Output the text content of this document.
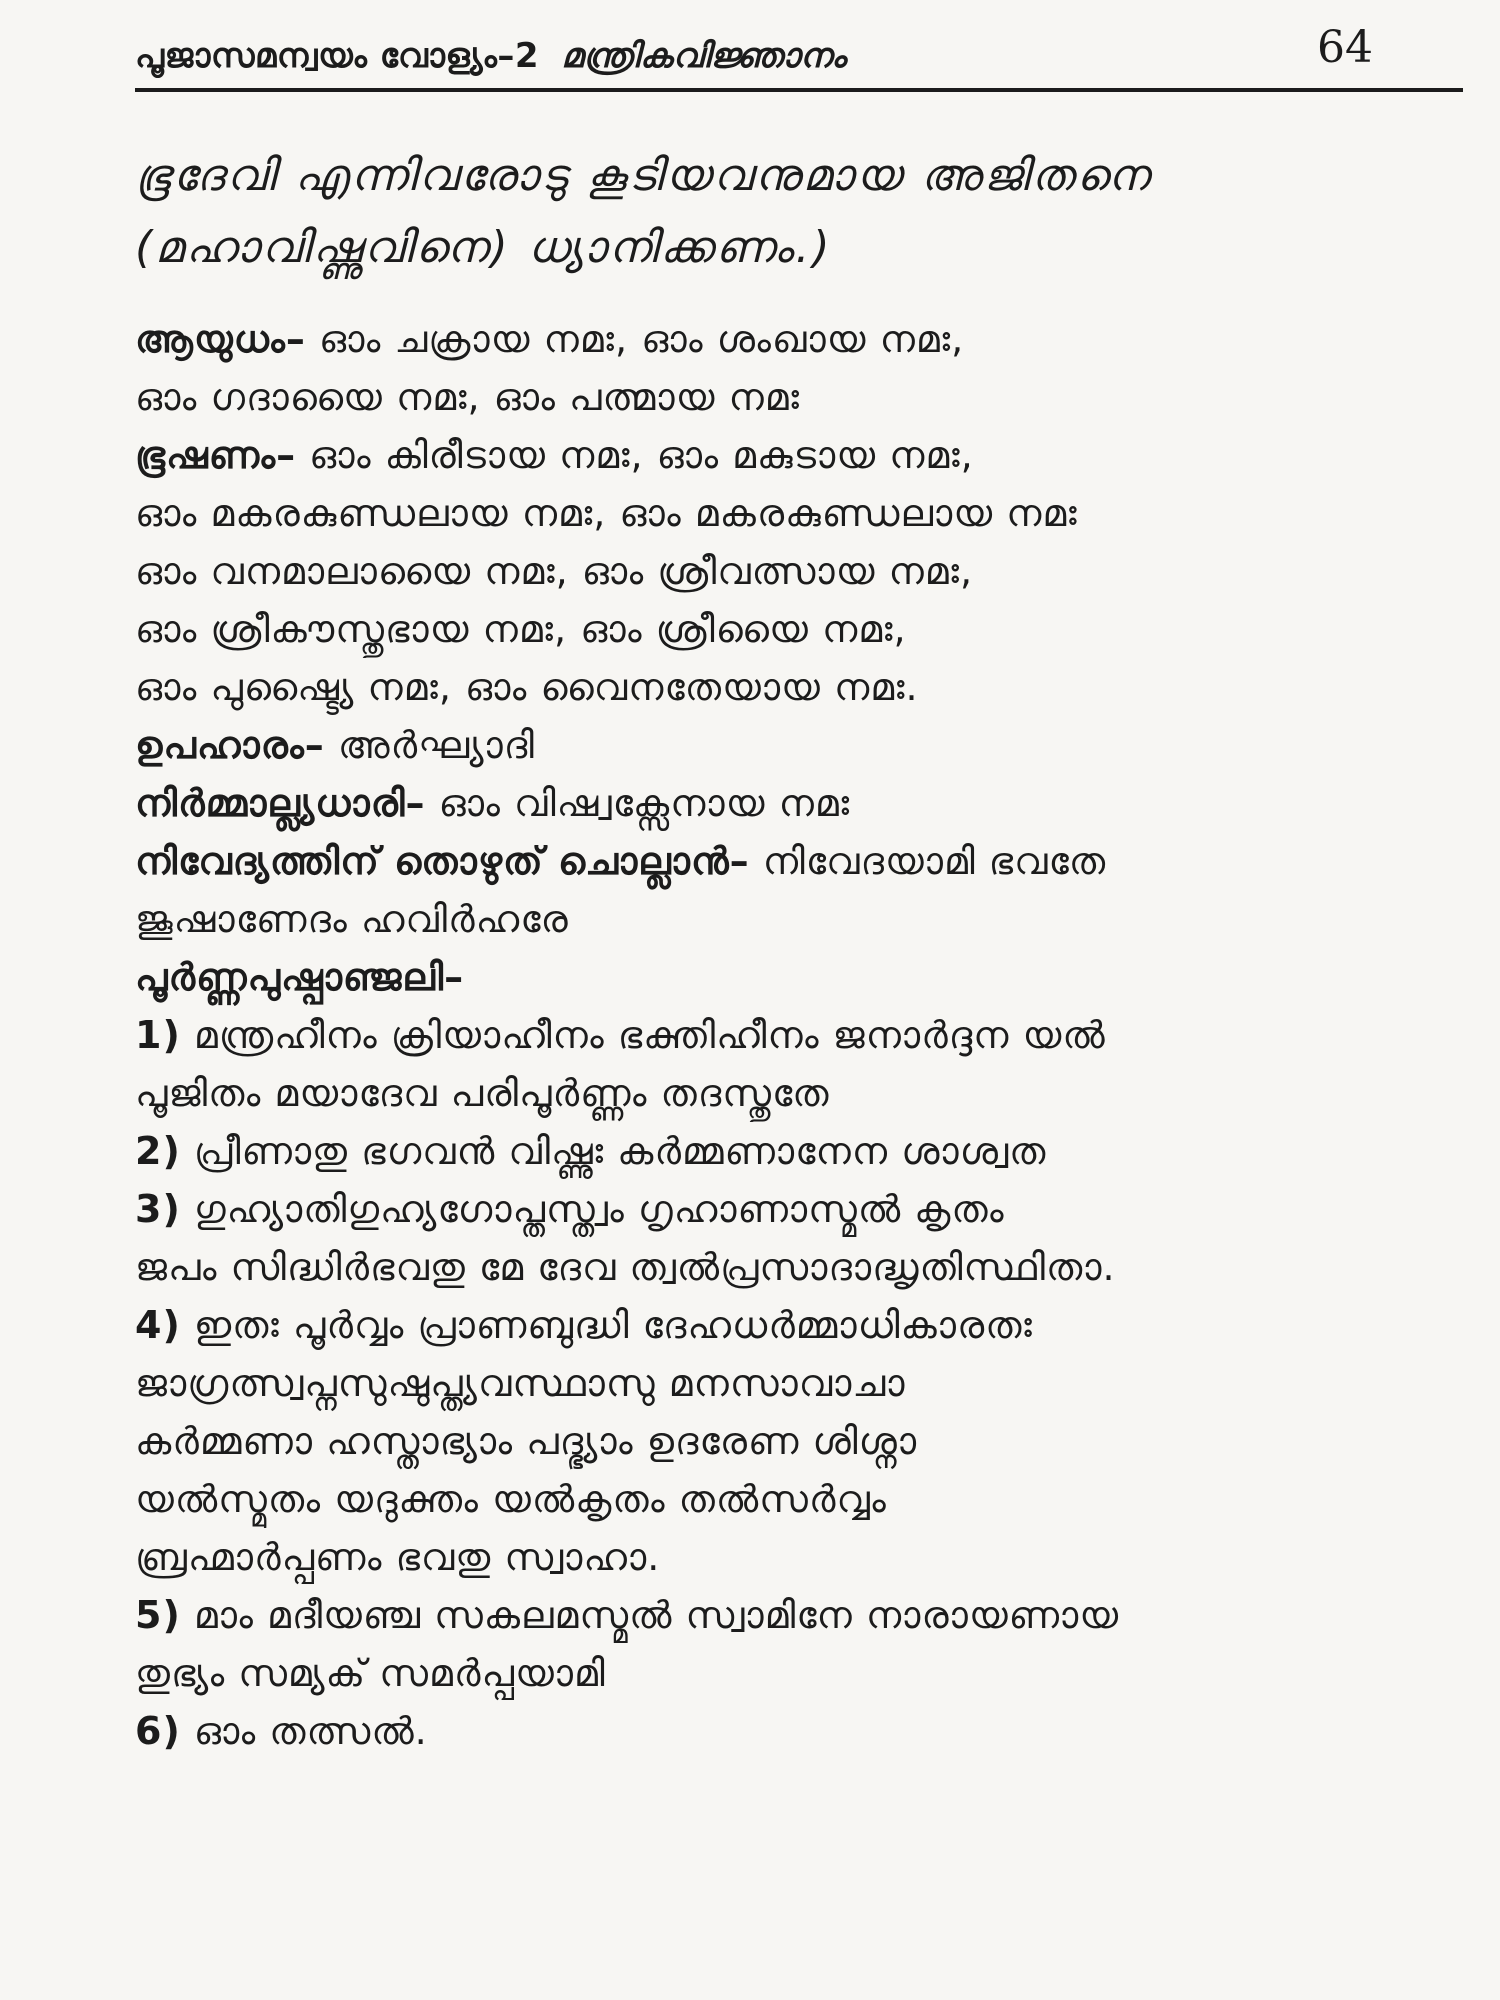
പൂജാസമന്വയം വോള്യം–2 മന്ത്രികവിജ്ഞാനം	64
ഭൂദേവി എന്നിവരോടു കൂടിയവനുമായ അജിതനെ
(മഹാവിഷ്ണുവിനെ) ധ്യാനിക്കണം.)
ആയുധം– ഓം ചക്രായ നമഃ, ഓം ശംഖായ നമഃ,
ഓം ഗദായൈ നമഃ, ഓം പത്മായ നമഃ
ഭൂഷണം– ഓം കിരീടായ നമഃ, ഓം മകുടായ നമഃ,
ഓം മകരകുണ്ഡലായ നമഃ, ഓം മകരകുണ്ഡലായ നമഃ
ഓം വനമാലായൈ നമഃ, ഓം ശ്രീവത്സായ നമഃ,
ഓം ശ്രീകൗസ്തുഭായ നമഃ, ഓം ശ്രീയൈ നമഃ,
ഓം പുഷ്ട്യൈ നമഃ, ഓം വൈനതേയായ നമഃ.
ഉപഹാരം– അർഘ്യാദി
നിർമ്മാല്ല്യധാരി– ഓം വിഷ്വക്സേനായ നമഃ
നിവേദ്യത്തിന് തൊഴുത് ചൊല്ലാൻ– നിവേദയാമി ഭവതേ
ജൂഷാണേദം ഹവിർഹരേ
പൂർണ്ണപുഷ്പാഞ്ജലി–
1) മന്ത്രഹീനം ക്രിയാഹീനം ഭക്തിഹീനം ജനാർദ്ദന യൽ
പൂജിതം മയാദേവ പരിപൂർണ്ണം തദസ്തുതേ
2) പ്രീണാതു ഭഗവൻ വിഷ്ണുഃ കർമ്മണാനേന ശാശ്വത
3) ഗുഹ്യാതിഗുഹ്യഗോപ്തസ്ത്വം ഗൃഹാണാസ്മൽ കൃതം
ജപം സിദ്ധിർഭവതു മേ ദേവ ത്വൽപ്രസാദാദ്ധൃതിസ്ഥിതാ.
4) ഇതഃ പൂർവ്വം പ്രാണബുദ്ധി ദേഹധർമ്മാധികാരതഃ
ജാഗ്രത്സ്വപ്നസുഷുപ്ത്യവസ്ഥാസു മനസാവാചാ
കർമ്മണാ ഹസ്താഭ്യാം പദ്ഭ്യാം ഉദരേണ ശിശ്നാ
യൽസ്മൃതം യദുക്തം യൽകൃതം തൽസർവ്വം
ബ്രഹ്മാർപ്പണം ഭവതു സ്വാഹാ.
5) മാം മദീയഞ്ച സകലമസ്മൽ സ്വാമിനേ നാരായണായ
തുഭ്യം സമ്യക് സമർപ്പയാമി
6) ഓം തത്സൽ.
